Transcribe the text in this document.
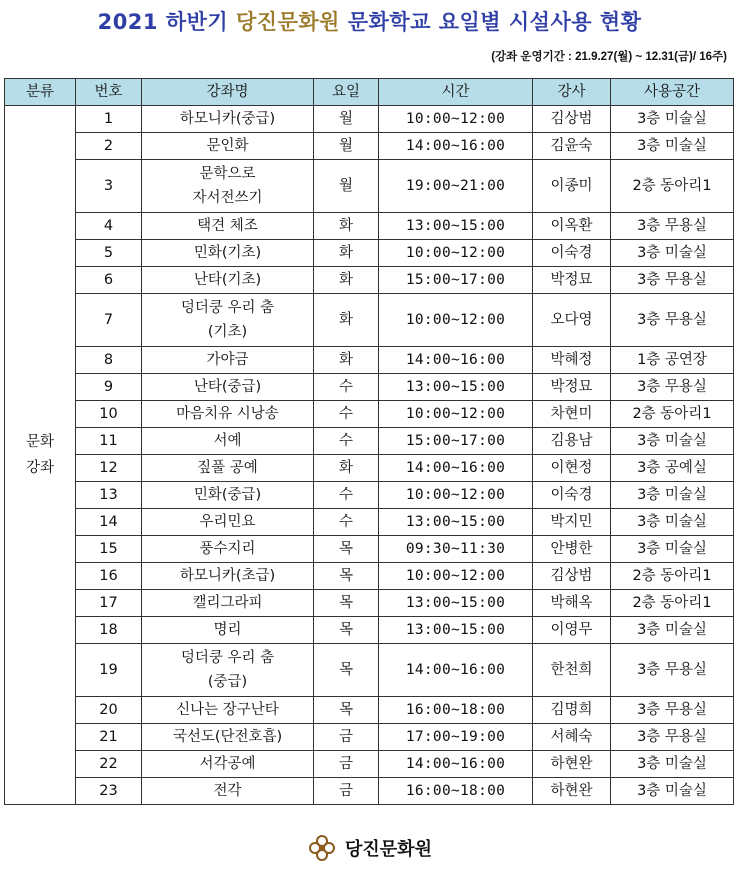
2021 하반기 당진문화원 문화학교 요일별 시설사용 현황
(강좌 운영기간 : 21.9.27(월) ~ 12.31(금)/ 16주)
분류	번호	강좌명	요일	시간	강사	사용공간

문화
강좌	1	하모니카(중급)	월	10:00~12:00	김상범	3층 미술실
	2	문인화	월	14:00~16:00	김윤숙	3층 미술실
	3	문학으로
자서전쓰기	월	19:00~21:00	이종미	2층 동아리1
	4	택견 체조	화	13:00~15:00	이옥환	3층 무용실
	5	민화(기초)	화	10:00~12:00	이숙경	3층 미술실
	6	난타(기초)	화	15:00~17:00	박정묘	3층 무용실
	7	덩더쿵 우리 춤
(기초)	화	10:00~12:00	오다영	3층 무용실
	8	가야금	화	14:00~16:00	박혜정	1층 공연장
	9	난타(중급)	수	13:00~15:00	박정묘	3층 무용실
	10	마음치유 시낭송	수	10:00~12:00	차현미	2층 동아리1
	11	서예	수	15:00~17:00	김용남	3층 미술실
	12	짚풀 공예	화	14:00~16:00	이현정	3층 공예실
	13	민화(중급)	수	10:00~12:00	이숙경	3층 미술실
	14	우리민요	수	13:00~15:00	박지민	3층 미술실
	15	풍수지리	목	09:30~11:30	안병한	3층 미술실
	16	하모니카(초급)	목	10:00~12:00	김상범	2층 동아리1
	17	캘리그라피	목	13:00~15:00	박해옥	2층 동아리1
	18	명리	목	13:00~15:00	이영무	3층 미술실
	19	덩더쿵 우리 춤
(중급)	목	14:00~16:00	한천희	3층 무용실
	20	신나는 장구난타	목	16:00~18:00	김명희	3층 무용실
	21	국선도(단전호흡)	금	17:00~19:00	서혜숙	3층 무용실
	22	서각공예	금	14:00~16:00	하현완	3층 미술실
	23	전각	금	16:00~18:00	하현완	3층 미술실
당진문화원
